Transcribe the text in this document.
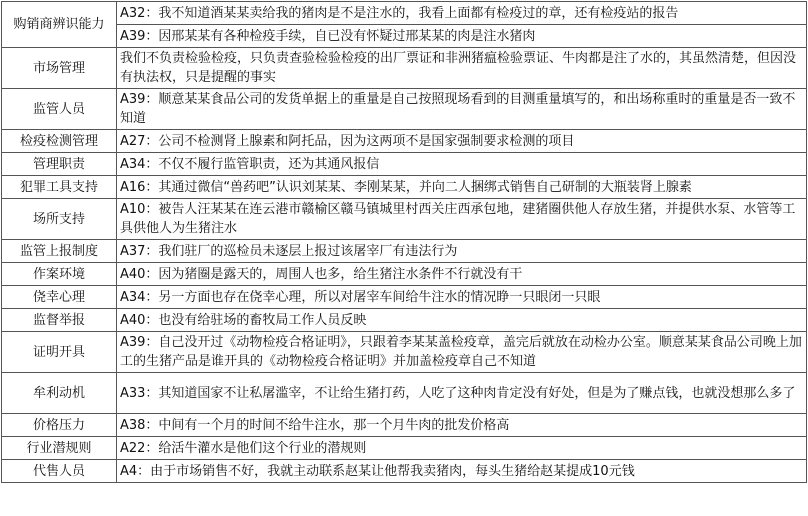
购销商辨识能力	A32：我不知道酒某某卖给我的猪肉是不是注水的，我看上面都有检疫过的章，还有检疫站的报告
	A39：因邢某某有各种检疫手续，自已没有怀疑过邢某某的肉是注水猪肉
市场管理	我们不负责检验检疫，只负责查验检验检疫的出厂票证和非洲猪瘟检验票证、牛肉都是注了水的，其虽然清楚，但因没有执法权，只是提醒的事实
监管人员	A39：顺意某某食品公司的发货单据上的重量是自己按照现场看到的目测重量填写的，和出场称重时的重量是否一致不知道
检疫检测管理	A27：公司不检测肾上腺素和阿托品，因为这两项不是国家强制要求检测的项目
管理职责	A34：不仅不履行监管职责，还为其通风报信
犯罪工具支持	A16：其通过微信“兽药吧”认识刘某某、李刚某某，并向二人捆绑式销售自己研制的大瓶装肾上腺素
场所支持	A10：被告人汪某某在连云港市赣榆区赣马镇城里村西关庄西承包地，建猪圈供他人存放生猪，并提供水泵、水管等工具供他人为生猪注水
监管上报制度	A37：我们驻厂的巡检员未逐层上报过该屠宰厂有违法行为
作案环境	A40：因为猪圈是露天的，周围人也多，给生猪注水条件不行就没有干
侥幸心理	A34：另一方面也存在侥幸心理，所以对屠宰车间给牛注水的情况睁一只眼闭一只眼
监督举报	A40：也没有给驻场的畜牧局工作人员反映
证明开具	A39：自己没开过《动物检疫合格证明》，只跟着李某某盖检疫章，盖完后就放在动检办公室。顺意某某食品公司晚上加工的生猪产品是谁开具的《动物检疫合格证明》并加盖检疫章自己不知道
牟利动机	A33：其知道国家不让私屠滥宰，不让给生猪打药，人吃了这种肉肯定没有好处，但是为了赚点钱，也就没想那么多了
价格压力	A38：中间有一个月的时间不给牛注水，那一个月牛肉的批发价格高
行业潜规则	A22：给活牛灌水是他们这个行业的潜规则
代售人员	A4：由于市场销售不好，我就主动联系赵某让他帮我卖猪肉，每头生猪给赵某提成10元钱
